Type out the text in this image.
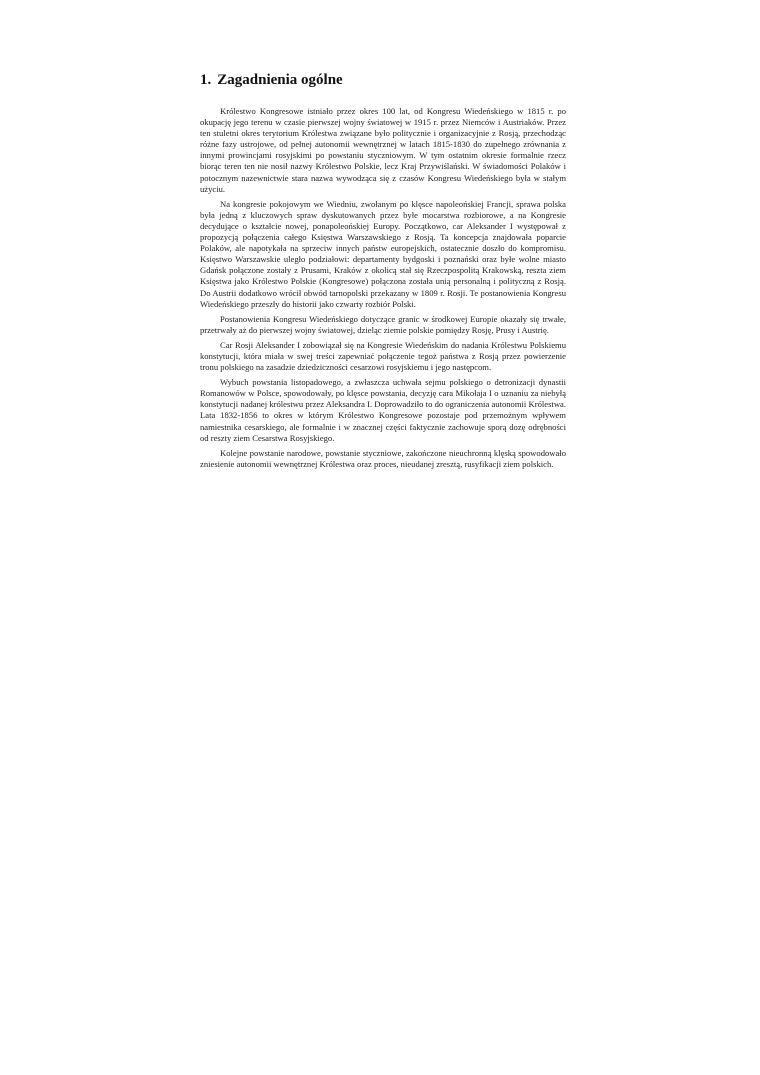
1. Zagadnienia ogólne

Królestwo Kongresowe istniało przez okres 100 lat, od Kongresu Wiedeńskiego w 1815 r. po okupację jego terenu w czasie pierwszej wojny światowej w 1915 r. przez Niemców i Austriaków. Przez ten stuletni okres terytorium Królestwa związane było politycznie i organizacyjnie z Rosją, przechodząc różne fazy ustrojowe, od pełnej autonomii wewnętrznej w latach 1815-1830 do zupełnego zrównania z innymi prowincjami rosyjskimi po powstaniu styczniowym. W tym ostatnim okresie formalnie rzecz biorąc teren ten nie nosił nazwy Królestwo Polskie, lecz Kraj Przywiślański. W świadomości Polaków i potocznym nazewnictwie stara nazwa wywodząca się z czasów Kongresu Wiedeńskiego była w stałym użyciu.

Na kongresie pokojowym we Wiedniu, zwołanym po klęsce napoleońskiej Francji, sprawa polska była jedną z kluczowych spraw dyskutowanych przez byłe mocarstwa rozbiorowe, a na Kongresie decydujące o kształcie nowej, ponapoleońskiej Europy. Początkowo, car Aleksander I występował z propozycją połączenia całego Księstwa Warszawskiego z Rosją. Ta koncepcja znajdowała poparcie Polaków, ale napotykała na sprzeciw innych państw europejskich, ostatecznie doszło do kompromisu. Księstwo Warszawskie uległo podziałowi: departamenty bydgoski i poznański oraz byłe wolne miasto Gdańsk połączone zostały z Prusami, Kraków z okolicą stał się Rzeczpospolitą Krakowską, reszta ziem Księstwa jako Królestwo Polskie (Kongresowe) połączona została unią personalną i polityczną z Rosją. Do Austrii dodatkowo wrócił obwód tarnopolski przekazany w 1809 r. Rosji. Te postanowienia Kongresu Wiedeńskiego przeszły do historii jako czwarty rozbiór Polski.

Postanowienia Kongresu Wiedeńskiego dotyczące granic w środkowej Europie okazały się trwałe, przetrwały aż do pierwszej wojny światowej, dzieląc ziemie polskie pomiędzy Rosję, Prusy i Austrię.

Car Rosji Aleksander I zobowiązał się na Kongresie Wiedeńskim do nadania Królestwu Polskiemu konstytucji, która miała w swej treści zapewniać połączenie tegoż państwa z Rosją przez powierzenie tronu polskiego na zasadzie dziedziczności cesarzowi rosyjskiemu i jego następcom.

Wybuch powstania listopadowego, a zwłaszcza uchwała sejmu polskiego o detronizacji dynastii Romanowów w Polsce, spowodowały, po klęsce powstania, decyzję cara Mikołaja I o uznaniu za niebyłą konstytucji nadanej królestwu przez Aleksandra I. Doprowadziło to do ograniczenia autonomii Królestwa. Lata 1832-1856 to okres w którym Królestwo Kongresowe pozostaje pod przemożnym wpływem namiestnika cesarskiego, ale formalnie i w znacznej części faktycznie zachowuje sporą dozę odrębności od reszty ziem Cesarstwa Rosyjskiego.

Kolejne powstanie narodowe, powstanie styczniowe, zakończone nieuchronną klęską spowodowało zniesienie autonomii wewnętrznej Królestwa oraz proces, nieudanej zresztą, rusyfikacji ziem polskich.
